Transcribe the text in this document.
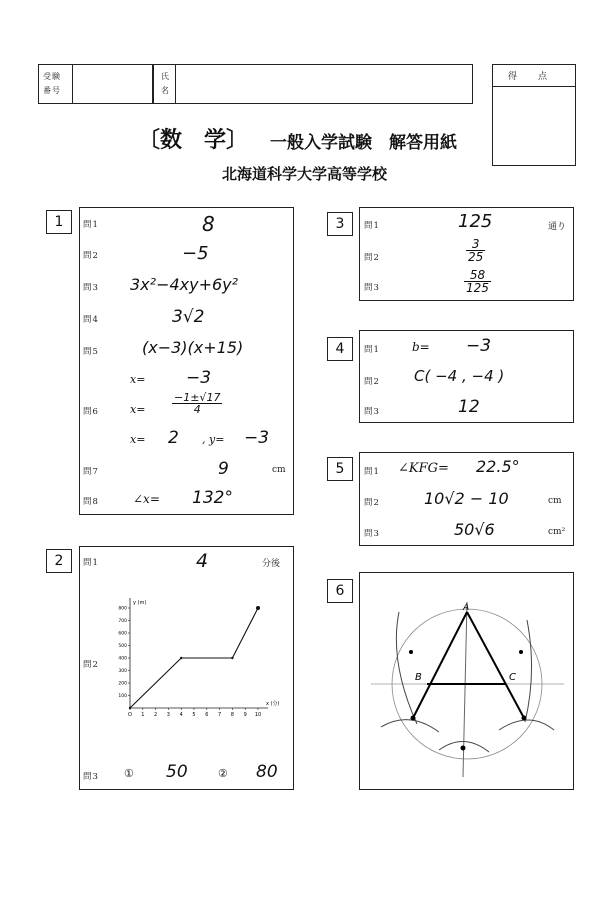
受験番号
氏名
得　点
〔数　学〕 一般入学試験　解答用紙
北海道科学大学高等学校
1	問1	8
問2	−5
問3 3x²−4xy+6y²
問4	3√2
問5	(x−3)(x+15)
問6
x= −3
$x= \frac{-1\pm√17}{4}$
x= 2 , y= −3
問7	9	cm
問8	∠x= 132°
2	問1	4	分後
問2
y (m)
x (分)
100
200
300
400
500
600
700
800
O 1 2 3 4 5 6 7 8 9 10
問3 ① 50	② 80
3	問1	125	通り
問2	$\frac{3}{25}$
問3	$\frac{58}{125}$
4	問1	b= −3
問2 C( −4 , −4 )
問3	12
5	問1 ∠KFG= 22.5°
問2	10√2 − 10	cm
問3	50√6	cm²
6
A
B	C
